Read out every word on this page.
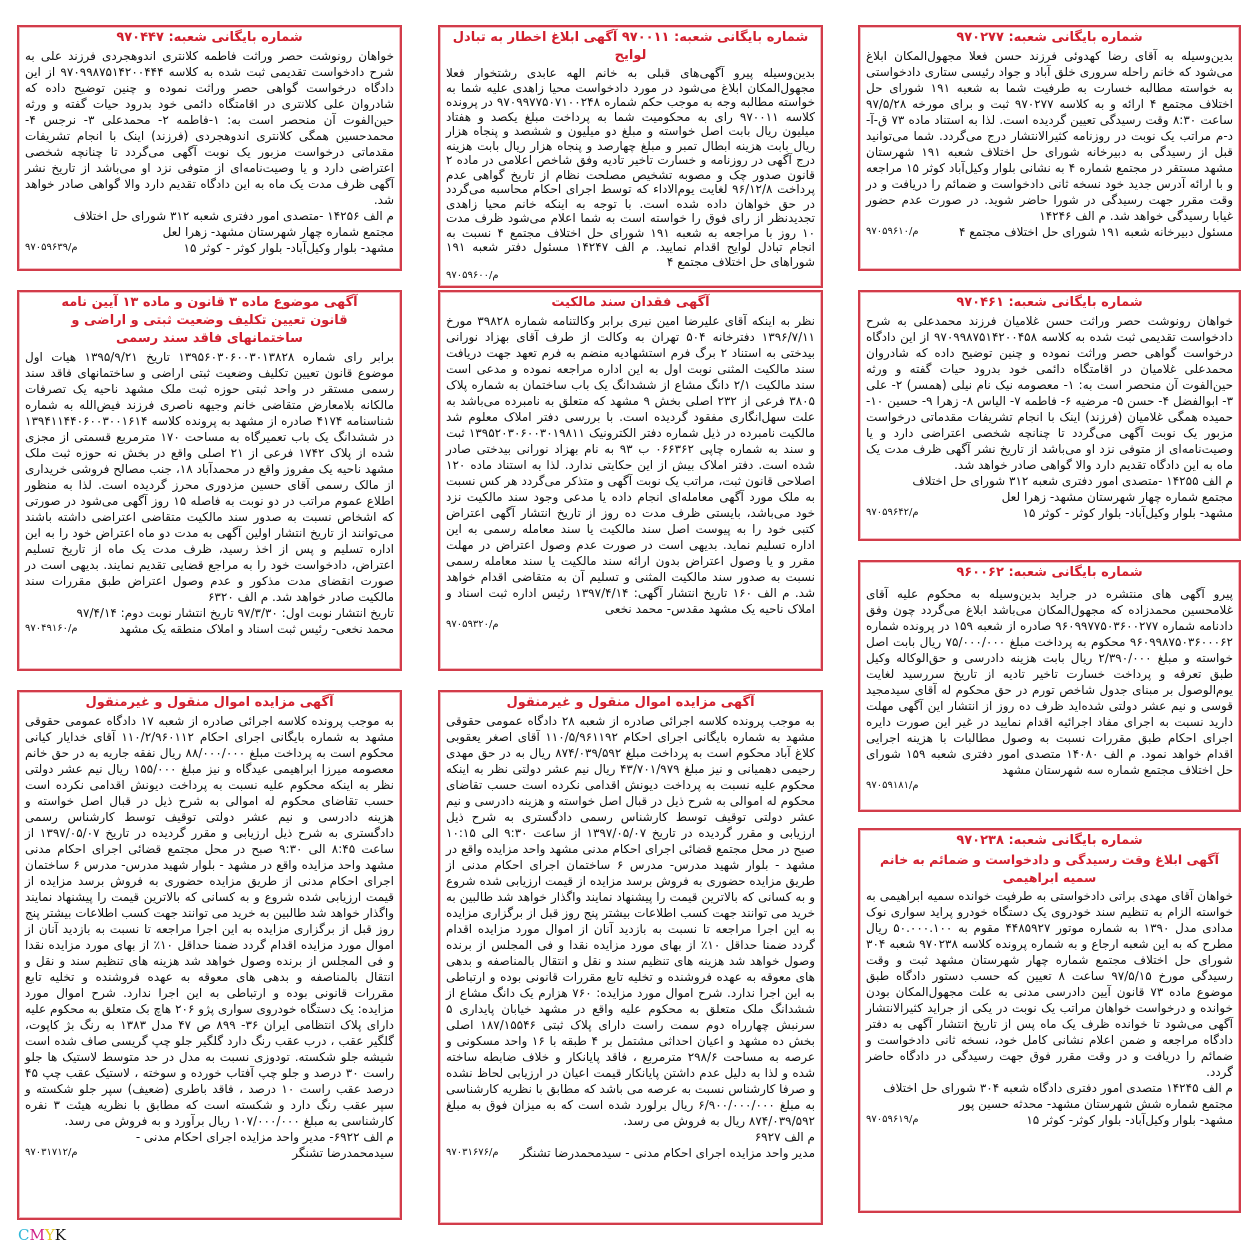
شماره بایگانی شعبه: ۹۷۰۲۷۷

بدین‌وسیله به آقای رضا کهدوئی فرزند حسن فعلا مجهول‌المکان ابلاغ می‌شود که خانم راحله سروری خلق آباد و جواد رئیسی ستاری دادخواستی به خواسته مطالبه خسارت به طرفیت شما به شعبه ۱۹۱ شورای حل اختلاف مجتمع ۴ ارائه و به کلاسه ۹۷۰۲۷۷ ثبت و برای مورخه ۹۷/۵/۲۸ ساعت ۸:۳۰ وقت رسیدگی تعیین گردیده است. لذا به استناد ماده ۷۳ ق-آ-د-م مراتب یک نوبت در روزنامه کثیرالانتشار درج می‌گردد. شما می‌توانید قبل از رسیدگی به دبیرخانه شورای حل اختلاف شعبه ۱۹۱ شهرستان مشهد مستقر در مجتمع شماره ۴ به نشانی بلوار وکیل‌آباد کوثر ۱۵ مراجعه و با ارائه آدرس جدید خود نسخه ثانی دادخواست و ضمائم را دریافت و در وقت مقرر جهت رسیدگی در شورا حاضر شوید. در صورت عدم حضور غیابا رسیدگی خواهد شد. م الف ۱۴۲۴۶

مسئول دبیرخانه شعبه ۱۹۱ شورای حل اختلاف مجتمع ۴

م/۹۷۰۵۹۶۱۰
شماره بایگانی شعبه: ۹۷۰۴۶۱

خواهان رونوشت حصر وراثت حسن غلامیان فرزند محمدعلی به شرح دادخواست تقدیمی ثبت شده به کلاسه ۹۷۰۹۹۸۷۵۱۴۲۰۰۴۵۸ از این دادگاه درخواست گواهی حصر وراثت نموده و چنین توضیح داده که شادروان محمدعلی غلامیان در اقامتگاه دائمی خود بدرود حیات گفته و ورثه حین‌الفوت آن منحصر است به: ۱- معصومه نیک نام نیلی (همسر) ۲- علی ۳- ابوالفضل ۴- حسن ۵- مرضیه ۶- فاطمه ۷- الیاس ۸- زهرا ۹- حسین ۱۰- حمیده همگی غلامیان (فرزند) اینک با انجام تشریفات مقدماتی درخواست مزبور یک نوبت آگهی می‌گردد تا چنانچه شخصی اعتراضی دارد و یا وصیت‌نامه‌ای از متوفی نزد او می‌باشد از تاریخ نشر آگهی ظرف مدت یک ماه به این دادگاه تقدیم دارد والا گواهی صادر خواهد شد.

م الف ۱۴۲۵۵ -متصدی امور دفتری شعبه ۳۱۲ شورای حل اختلاف

مجتمع شماره چهار شهرستان مشهد- زهرا لعل

مشهد- بلوار وکیل‌آباد- بلوار کوثر - کوثر ۱۵

م/۹۷۰۵۹۶۴۲
شماره بایگانی شعبه: ۹۶۰۰۶۲

پیرو آگهی های منتشره در جراید بدین‌وسیله به محکوم علیه آقای غلامحسین محمدزاده که مجهول‌المکان می‌باشد ابلاغ می‌گردد چون وفق دادنامه شماره ۹۶۰۹۹۷۷۵۰۳۶۰۰۲۷۷ صادره از شعبه ۱۵۹ در پرونده شماره ۹۶۰۹۹۸۷۵۰۳۶۰۰۰۶۲ محکوم به پرداخت مبلغ ۷۵/۰۰۰/۰۰۰ ریال بابت اصل خواسته و مبلغ ۲/۳۹۰/۰۰۰ ریال بابت هزینه دادرسی و حق‌الوکاله وکیل طبق تعرفه و پرداخت خسارت تاخیر تادیه از تاریخ سررسید لغایت یوم‌الوصول بر مبنای جدول شاخص تورم در حق محکوم له آقای سیدمجید قوسی و نیم عشر دولتی شده‌اید ظرف ده روز از انتشار این آگهی مهلت دارید نسبت به اجرای مفاد اجرائیه اقدام نمایید در غیر این صورت دایره اجرای احکام طبق مقررات نسبت به وصول مطالبات با هزینه اجرایی اقدام خواهد نمود. م الف ۱۴۰۸۰ متصدی امور دفتری شعبه ۱۵۹ شورای حل اختلاف مجتمع شماره سه شهرستان مشهد

م/۹۷۰۵۹۱۸۱
شماره بایگانی شعبه: ۹۷۰۲۳۸
آگهی ابلاغ وقت رسیدگی و دادخواست و ضمائم به خانم سمیه ابراهیمی

خواهان آقای مهدی براتی دادخواستی به طرفیت خوانده سمیه ابراهیمی به خواسته الزام به تنظیم سند خودروی یک دستگاه خودرو پراید سواری نوک مدادی مدل ۱۳۹۰ به شماره موتور ۴۴۸۵۹۲۷ مقوم به ۵۰.۰۰۰.۱۰۰ ریال مطرح که به این شعبه ارجاع و به شماره پرونده کلاسه ۹۷۰۲۳۸ شعبه ۳۰۴ شورای حل اختلاف مجتمع شماره چهار شهرستان مشهد ثبت و وقت رسیدگی مورخ ۹۷/۵/۱۵ ساعت ۸ تعیین که حسب دستور دادگاه طبق موضوع ماده ۷۳ قانون آیین دادرسی مدنی به علت مجهول‌المکان بودن خوانده و درخواست خواهان مراتب یک نوبت در یکی از جراید کثیرالانتشار آگهی می‌شود تا خوانده ظرف یک ماه پس از تاریخ انتشار آگهی به دفتر دادگاه مراجعه و ضمن اعلام نشانی کامل خود، نسخه ثانی دادخواست و ضمائم را دریافت و در وقت مقرر فوق جهت رسیدگی در دادگاه حاضر گردد.

م الف ۱۴۲۴۵ متصدی امور دفتری دادگاه شعبه ۳۰۴ شورای حل اختلاف مجتمع شماره شش شهرستان مشهد- محدثه حسین پور

مشهد- بلوار وکیل‌آباد- بلوار کوثر- کوثر ۱۵

م/۹۷۰۵۹۶۱۹
شماره بایگانی شعبه: ۹۷۰۰۱۱ آگهی ابلاغ اخطار به تبادل لوایح

بدین‌وسیله پیرو آگهی‌های قبلی به خانم الهه عابدی رشتخوار فعلا مجهول‌المکان ابلاغ می‌شود در مورد دادخواست محیا زاهدی علیه شما به خواسته مطالبه وجه به موجب حکم شماره ۹۷۰۹۹۷۷۵۰۷۱۰۰۲۴۸ در پرونده کلاسه ۹۷۰۰۱۱ رای به محکومیت شما به پرداخت مبلغ یکصد و هفتاد میلیون ریال بابت اصل خواسته و مبلغ دو میلیون و ششصد و پنجاه هزار ریال بابت هزینه ابطال تمبر و مبلغ چهارصد و پنجاه هزار ریال بابت هزینه درج آگهی در روزنامه و خسارت تاخیر تادیه وفق شاخص اعلامی در ماده ۲ قانون صدور چک و مصوبه تشخیص مصلحت نظام از تاریخ گواهی عدم پرداخت ۹۶/۱۲/۸ لغایت یوم‌الاداء که توسط اجرای احکام محاسبه می‌گردد در حق خواهان داده شده است. با توجه به اینکه خانم محیا زاهدی تجدیدنظر از رای فوق را خواسته است به شما اعلام می‌شود ظرف مدت ۱۰ روز با مراجعه به شعبه ۱۹۱ شورای حل اختلاف مجتمع ۴ نسبت به انجام تبادل لوایح اقدام نمایید. م الف ۱۴۲۴۷ مسئول دفتر شعبه ۱۹۱ شوراهای حل اختلاف مجتمع ۴

م/۹۷۰۵۹۶۰۰
آگهی فقدان سند مالکیت

نظر به اینکه آقای علیرضا امین نیری برابر وکالتنامه شماره ۳۹۸۲۸ مورخ ۱۳۹۶/۷/۱۱ دفترخانه ۵۰۴ تهران به وکالت از طرف آقای بهزاد نورانی بیدختی به استناد ۲ برگ فرم استشهادیه منضم به فرم تعهد جهت دریافت سند مالکیت المثنی نوبت اول به این اداره مراجعه نموده و مدعی است سند مالکیت ۲/۱ دانگ مشاع از ششدانگ یک باب ساختمان به شماره پلاک ۳۸۰۵ فرعی از ۲۳۲ اصلی بخش ۹ مشهد که متعلق به نامبرده می‌باشد به علت سهل‌انگاری مفقود گردیده است. با بررسی دفتر املاک معلوم شد مالکیت نامبرده در ذیل شماره دفتر الکترونیک ۱۳۹۵۲۰۳۰۶۰۰۳۰۱۹۸۱۱ ثبت و سند به شماره چاپی ۰۶۶۳۶۲ ب ۹۳ به نام بهزاد نورانی بیدختی صادر شده است. دفتر املاک بیش از این حکایتی ندارد. لذا به استناد ماده ۱۲۰ اصلاحی قانون ثبت، مراتب یک نوبت آگهی و متذکر می‌گردد هر کس نسبت به ملک مورد آگهی معامله‌ای انجام داده یا مدعی وجود سند مالکیت نزد خود می‌باشد، بایستی ظرف مدت ده روز از تاریخ انتشار آگهی اعتراض کتبی خود را به پیوست اصل سند مالکیت یا سند معامله رسمی به این اداره تسلیم نماید. بدیهی است در صورت عدم وصول اعتراض در مهلت مقرر و یا وصول اعتراض بدون ارائه سند مالکیت یا سند معامله رسمی نسبت به صدور سند مالکیت المثنی و تسلیم آن به متقاضی اقدام خواهد شد. م الف ۱۶۰ تاریخ انتشار آگهی: ۱۳۹۷/۴/۱۴ رئیس اداره ثبت اسناد و املاک ناحیه یک مشهد مقدس- محمد نخعی

م/۹۷۰۵۹۳۲۰
آگهی مزایده اموال منقول و غیرمنقول

به موجب پرونده کلاسه اجرائی صادره از شعبه ۲۸ دادگاه عمومی حقوقی مشهد به شماره بایگانی اجرای احکام ۱۱۰/۵/۹۶۱۱۹۲ آقای اصغر یعقوبی کلاغ آباد محکوم است به پرداخت مبلغ ۸۷۴/۰۳۹/۵۹۲ ریال به در حق مهدی رحیمی دهمیانی و نیز مبلغ ۴۳/۷۰۱/۹۷۹ ریال نیم عشر دولتی نظر به اینکه محکوم علیه نسبت به پرداخت دیونش اقدامی نکرده است حسب تقاضای محکوم له اموالی به شرح ذیل در قبال اصل خواسته و هزینه دادرسی و نیم عشر دولتی توقیف توسط کارشناس رسمی دادگستری به شرح ذیل ارزیابی و مقرر گردیده در تاریخ ۱۳۹۷/۰۵/۰۷ از ساعت ۹:۳۰ الی ۱۰:۱۵ صبح در محل مجتمع قضائی اجرای احکام مدنی مشهد واحد مزایده واقع در مشهد - بلوار شهید مدرس- مدرس ۶ ساختمان اجرای احکام مدنی از طریق مزایده حضوری به فروش برسد مزایده از قیمت ارزیابی شده شروع و به کسانی که بالاترین قیمت را پیشنهاد نمایند واگذار خواهد شد طالبین به خرید می توانند جهت کسب اطلاعات بیشتر پنج روز قبل از برگزاری مزایده به این اجرا مراجعه تا نسبت به بازدید آنان از اموال مورد مزایده اقدام گردد ضمنا حداقل ۱۰٪ از بهای مورد مزایده نقدا و فی المجلس از برنده وصول خواهد شد هزینه های تنظیم سند و نقل و انتقال بالمناصفه و بدهی های معوقه به عهده فروشنده و تخلیه تابع مقررات قانونی بوده و ارتباطی به این اجرا ندارد. شرح اموال مورد مزایده: ۷۶۰ هزارم یک دانگ مشاع از ششدانگ ملک متعلق به محکوم علیه واقع در مشهد خیابان پایداری ۵ سرنبش چهارراه دوم سمت راست دارای پلاک ثبتی ۱۸۷/۱۵۵۴۶ اصلی بخش ده مشهد و اعیان احداثی مشتمل بر ۴ طبقه با ۱۶ واحد مسکونی و عرصه به مساحت ۲۹۸/۶ مترمربع ، فاقد پایانکار و خلاف ضابطه ساخته شده و لذا به دلیل عدم داشتن پایانکار قیمت اعیان در ارزیابی لحاظ نشده و صرفا کارشناس نسبت به عرصه می باشد که مطابق با نظریه کارشناسی به مبلغ ۶/۹۰۰/۰۰۰/۰۰۰ ریال برلورد شده است که به میزان فوق به مبلغ ۸۷۴/۰۳۹/۵۹۲ ریال به فروش می رسد.

م الف ۶۹۲۷

مدیر واحد مزایده اجرای احکام مدنی - سیدمحمدرضا تشنگر

م/۹۷۰۳۱۶۷۶
شماره بایگانی شعبه: ۹۷۰۴۴۷

خواهان رونوشت حصر وراثت فاطمه کلانتری اندوهجردی فرزند علی به شرح دادخواست تقدیمی ثبت شده به کلاسه ۹۷۰۹۹۸۷۵۱۴۲۰۰۴۴۴ از این دادگاه درخواست گواهی حصر وراثت نموده و چنین توضیح داده که شادروان علی کلانتری در اقامتگاه دائمی خود بدرود حیات گفته و ورثه حین‌الفوت آن منحصر است به: ۱-فاطمه ۲- محمدعلی ۳- نرجس ۴- محمدحسین همگی کلانتری اندوهجردی (فرزند) اینک با انجام تشریفات مقدماتی درخواست مزبور یک نوبت آگهی می‌گردد تا چنانچه شخصی اعتراضی دارد و یا وصیت‌نامه‌ای از متوفی نزد او می‌باشد از تاریخ نشر آگهی ظرف مدت یک ماه به این دادگاه تقدیم دارد والا گواهی صادر خواهد شد.

م الف ۱۴۲۵۶ -متصدی امور دفتری شعبه ۳۱۲ شورای حل اختلاف

مجتمع شماره چهار شهرستان مشهد- زهرا لعل

مشهد- بلوار وکیل‌آباد- بلوار کوثر - کوثر ۱۵

م/۹۷۰۵۹۶۳۹
آگهی موضوع ماده ۳ قانون و ماده ۱۳ آیین نامه قانون تعیین تکلیف وضعیت ثبتی و اراضی و ساختمانهای فاقد سند رسمی

برابر رای شماره ۱۳۹۵۶۰۳۰۶۰۰۳۰۱۳۸۲۸ تاریخ ۱۳۹۵/۹/۲۱ هیات اول موضوع قانون تعیین تکلیف وضعیت ثبتی اراضی و ساختمانهای فاقد سند رسمی مستقر در واحد ثبتی حوزه ثبت ملک مشهد ناحیه یک تصرفات مالکانه بلامعارض متقاضی خانم وجیهه ناصری فرزند فیض‌الله به شماره شناسنامه ۴۱۷۴ صادره از مشهد به پرونده کلاسه ۱۳۹۴۱۱۴۴۰۶۰۰۳۰۰۱۶۱۴ در ششدانگ یک باب تعمیرگاه به مساحت ۱۷۰ مترمربع قسمتی از مجزی شده از پلاک ۱۷۴۲ فرعی از ۲۱ اصلی واقع در بخش نه حوزه ثبت ملک مشهد ناحیه یک مفروز واقع در محمدآباد ۱۸، جنب مصالح فروشی خریداری از مالک رسمی آقای حسین مزدوری محرز گردیده است. لذا به منظور اطلاع عموم مراتب در دو نوبت به فاصله ۱۵ روز آگهی می‌شود در صورتی که اشخاص نسبت به صدور سند مالکیت متقاضی اعتراضی داشته باشند می‌توانند از تاریخ انتشار اولین آگهی به مدت دو ماه اعتراض خود را به این اداره تسلیم و پس از اخذ رسید، ظرف مدت یک ماه از تاریخ تسلیم اعتراض، دادخواست خود را به مراجع قضایی تقدیم نمایند. بدیهی است در صورت انقضای مدت مذکور و عدم وصول اعتراض طبق مقررات سند مالکیت صادر خواهد شد. م الف ۶۳۲۰

تاریخ انتشار نوبت اول: ۹۷/۳/۳۰ تاریخ انتشار نوبت دوم: ۹۷/۴/۱۴

محمد نخعی- رئیس ثبت اسناد و املاک منطقه یک مشهد

م/۹۷۰۴۹۱۶۰
آگهی مزایده اموال منقول و غیرمنقول

به موجب پرونده کلاسه اجرائی صادره از شعبه ۱۷ دادگاه عمومی حقوقی مشهد به شماره بایگانی اجرای احکام ۱۱۰/۲/۹۶۰۱۱۲ آقای خدایار کیانی محکوم است به پرداخت مبلغ ۸۸/۰۰۰/۰۰۰ ریال نفقه جاریه به در حق خانم معصومه میرزا ابراهیمی عیدگاه و نیز مبلغ ۱۵۵/۰۰۰ ریال نیم عشر دولتی نظر به اینکه محکوم علیه نسبت به پرداخت دیونش اقدامی نکرده است حسب تقاضای محکوم له اموالی به شرح ذیل در قبال اصل خواسته و هزینه دادرسی و نیم عشر دولتی توقیف توسط کارشناس رسمی دادگستری به شرح ذیل ارزیابی و مقرر گردیده در تاریخ ۱۳۹۷/۰۵/۰۷ از ساعت ۸:۴۵ الی ۹:۳۰ صبح در محل مجتمع قضائی اجرای احکام مدنی مشهد واحد مزایده واقع در مشهد - بلوار شهید مدرس- مدرس ۶ ساختمان اجرای احکام مدنی از طریق مزایده حضوری به فروش برسد مزایده از قیمت ارزیابی شده شروع و به کسانی که بالاترین قیمت را پیشنهاد نمایند واگذار خواهد شد طالبین به خرید می توانند جهت کسب اطلاعات بیشتر پنج روز قبل از برگزاری مزایده به این اجرا مراجعه تا نسبت به بازدید آنان از اموال مورد مزایده اقدام گردد ضمنا حداقل ۱۰٪ از بهای مورد مزایده نقدا و فی المجلس از برنده وصول خواهد شد هزینه های تنظیم سند و نقل و انتقال بالمناصفه و بدهی های معوقه به عهده فروشنده و تخلیه تابع مقررات قانونی بوده و ارتباطی به این اجرا ندارد. شرح اموال مورد مزایده: یک دستگاه خودروی سواری پژو ۲۰۶ هاچ بک متعلق به محکوم علیه دارای پلاک انتظامی ایران ۳۶- ۸۹۹ ص ۴۷ مدل ۱۳۸۳ به رنگ بژ کاپوت، گلگیر عقب ، درب عقب رنگ دارد گلگیر جلو چپ گریسی صاف شده است شیشه جلو شکسته. تودوزی نسبت به مدل در حد متوسط لاستیک ها جلو راست ۳۰ درصد و جلو چپ آفتاب خورده و سوخته ، لاستیک عقب چپ ۴۵ درصد عقب راست ۱۰ درصد ، فاقد باطری (ضعیف) سپر جلو شکسته و سپر عقب رنگ دارد و شکسته است که مطابق با نظریه هیئت ۳ نفره کارشناسی به مبلغ ۱۰۷/۰۰۰/۰۰۰ ریال برآورد و به فروش می رسد.

م الف ۶۹۲۲- مدیر واحد مزایده اجرای احکام مدنی - سیدمحمدرضا تشنگر

م/۹۷۰۳۱۷۱۲
CMYK
